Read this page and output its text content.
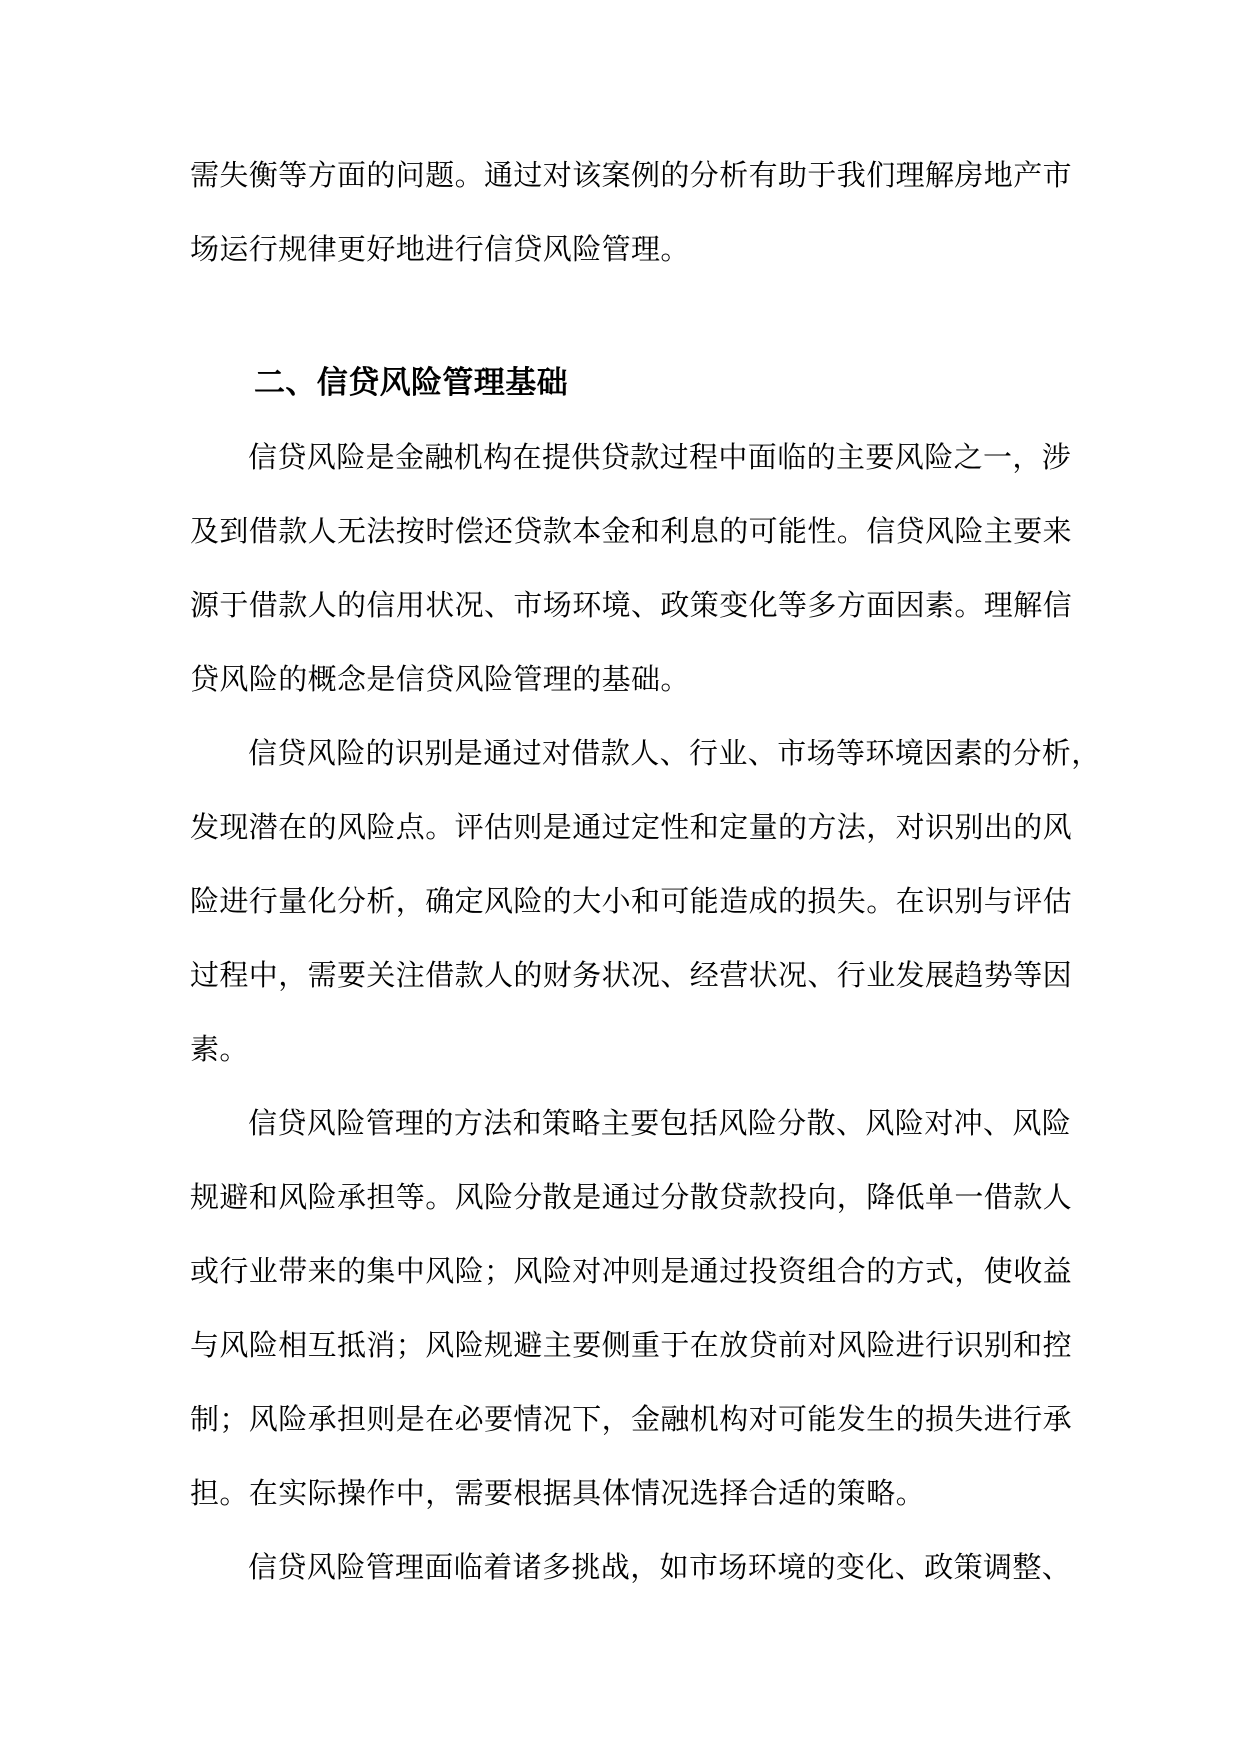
需失衡等方面的问题。通过对该案例的分析有助于我们理解房地产市
场运行规律更好地进行信贷风险管理。

二、信贷风险管理基础

信贷风险是金融机构在提供贷款过程中面临的主要风险之一，涉
及到借款人无法按时偿还贷款本金和利息的可能性。信贷风险主要来
源于借款人的信用状况、市场环境、政策变化等多方面因素。理解信
贷风险的概念是信贷风险管理的基础。

信贷风险的识别是通过对借款人、行业、市场等环境因素的分析，
发现潜在的风险点。评估则是通过定性和定量的方法，对识别出的风
险进行量化分析，确定风险的大小和可能造成的损失。在识别与评估
过程中，需要关注借款人的财务状况、经营状况、行业发展趋势等因
素。

信贷风险管理的方法和策略主要包括风险分散、风险对冲、风险
规避和风险承担等。风险分散是通过分散贷款投向，降低单一借款人
或行业带来的集中风险；风险对冲则是通过投资组合的方式，使收益
与风险相互抵消；风险规避主要侧重于在放贷前对风险进行识别和控
制；风险承担则是在必要情况下，金融机构对可能发生的损失进行承
担。在实际操作中，需要根据具体情况选择合适的策略。

信贷风险管理面临着诸多挑战，如市场环境的变化、政策调整、
